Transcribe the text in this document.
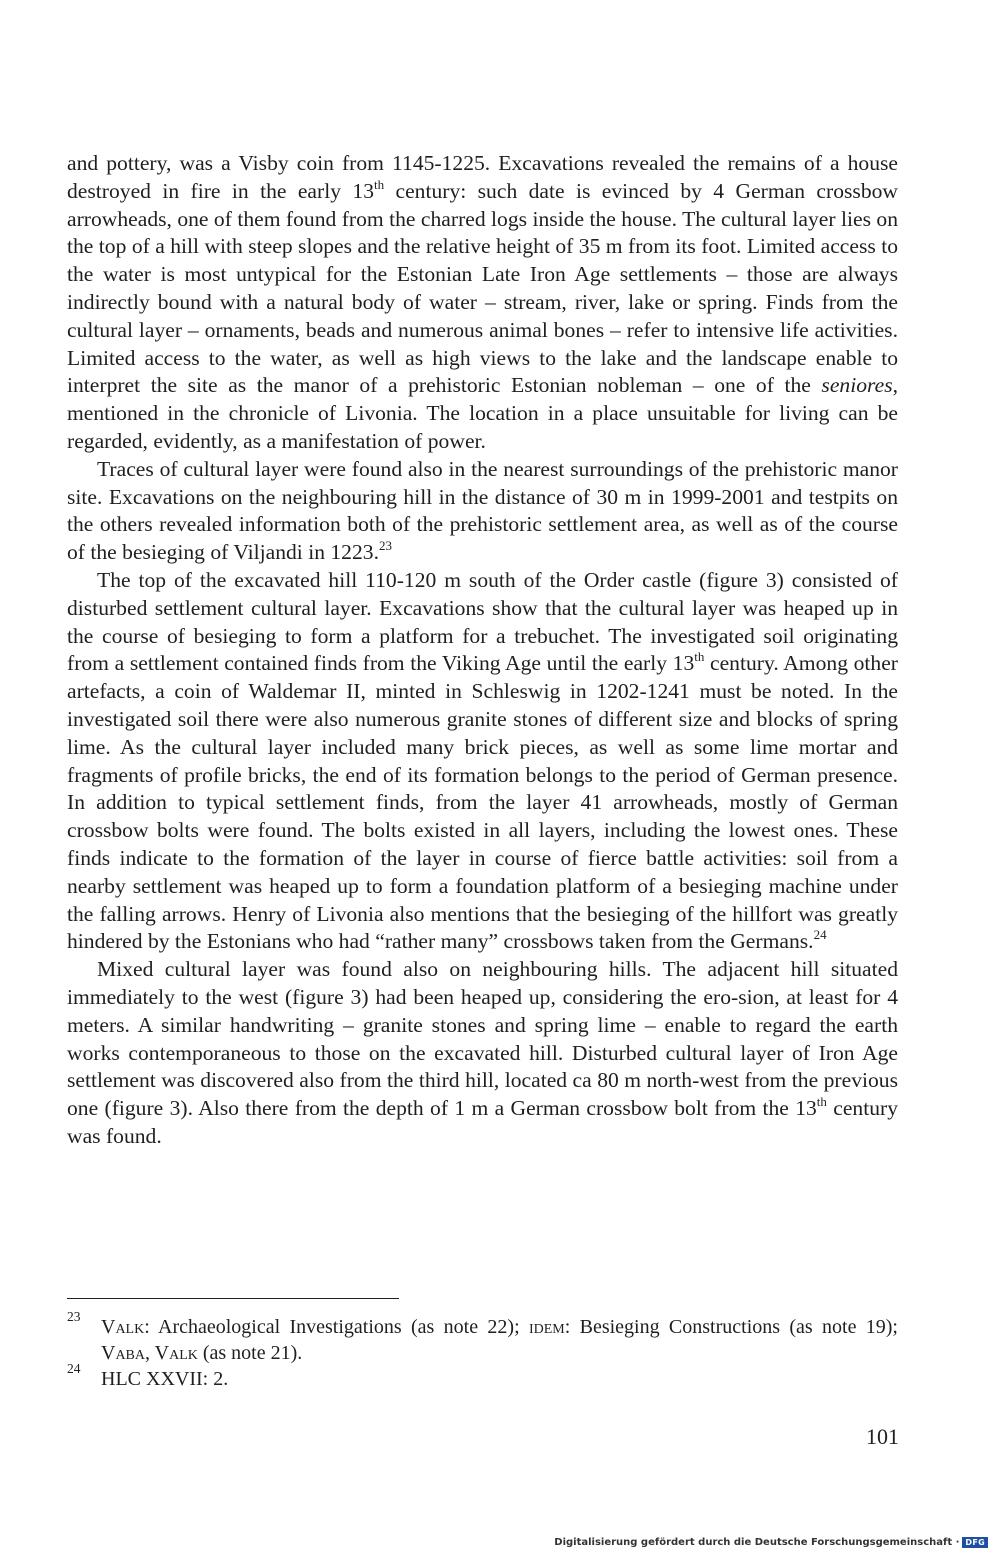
and pottery, was a Visby coin from 1145-1225. Excavations revealed the remains of a house destroyed in fire in the early 13th century: such date is evinced by 4 German crossbow arrowheads, one of them found from the charred logs inside the house. The cultural layer lies on the top of a hill with steep slopes and the relative height of 35 m from its foot. Limited access to the water is most untypical for the Estonian Late Iron Age settlements – those are always indirectly bound with a natural body of water – stream, river, lake or spring. Finds from the cultural layer – ornaments, beads and numerous animal bones – refer to intensive life activities. Limited access to the water, as well as high views to the lake and the landscape enable to interpret the site as the manor of a prehistoric Estonian nobleman – one of the seniores, mentioned in the chronicle of Livonia. The location in a place unsuitable for living can be regarded, evidently, as a manifestation of power.

Traces of cultural layer were found also in the nearest surroundings of the prehistoric manor site. Excavations on the neighbouring hill in the distance of 30 m in 1999-2001 and testpits on the others revealed information both of the prehistoric settlement area, as well as of the course of the besieging of Viljandi in 1223.23

The top of the excavated hill 110-120 m south of the Order castle (figure 3) consisted of disturbed settlement cultural layer. Excavations show that the cultural layer was heaped up in the course of besieging to form a platform for a trebuchet. The investigated soil originating from a settlement contained finds from the Viking Age until the early 13th century. Among other artefacts, a coin of Waldemar II, minted in Schleswig in 1202-1241 must be noted. In the investigated soil there were also numerous granite stones of different size and blocks of spring lime. As the cultural layer included many brick pieces, as well as some lime mortar and fragments of profile bricks, the end of its formation belongs to the period of German presence. In addition to typical settlement finds, from the layer 41 arrowheads, mostly of German crossbow bolts were found. The bolts existed in all layers, including the lowest ones. These finds indicate to the formation of the layer in course of fierce battle activities: soil from a nearby settlement was heaped up to form a foundation platform of a besieging machine under the falling arrows. Henry of Livonia also mentions that the besieging of the hillfort was greatly hindered by the Estonians who had “rather many” crossbows taken from the Germans.$^{24}$

Mixed cultural layer was found also on neighbouring hills. The adjacent hill situated immediately to the west (figure 3) had been heaped up, considering the ero-sion, at least for 4 meters. A similar handwriting – granite stones and spring lime – enable to regard the earth works contemporaneous to those on the excavated hill. Disturbed cultural layer of Iron Age settlement was discovered also from the third hill, located ca 80 m north-west from the previous one (figure 3). Also there from the depth of 1 m a German crossbow bolt from the 13th century was found.

23 Valk: Archaeological Investigations (as note 22); idem: Besieging Constructions (as note 19); Vaba, Valk (as note 21).
24 HLC XXVII: 2.
101
Digitalisierung gefördert durch die Deutsche Forschungsgemeinschaft · DFG
